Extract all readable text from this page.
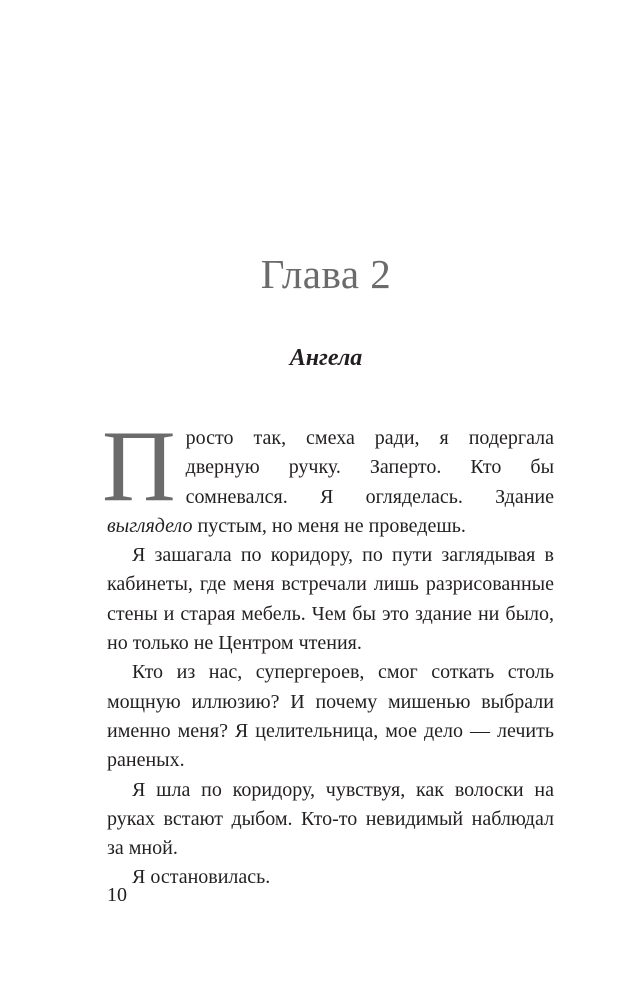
Глава 2
Ангела

Просто так, смеха ради, я подергала дверную ручку. Заперто. Кто бы сомневался. Я огляделась. Здание выглядело пустым, но меня не проведешь.

Я зашагала по коридору, по пути заглядывая в кабинеты, где меня встречали лишь разрисованные стены и старая мебель. Чем бы это здание ни было, но только не Центром чтения.

Кто из нас, супергероев, смог соткать столь мощную иллюзию? И почему мишенью выбрали именно меня? Я целительница, мое дело — лечить раненых.

Я шла по коридору, чувствуя, как волоски на руках встают дыбом. Кто-то невидимый наблюдал за мной.

Я остановилась.

10
